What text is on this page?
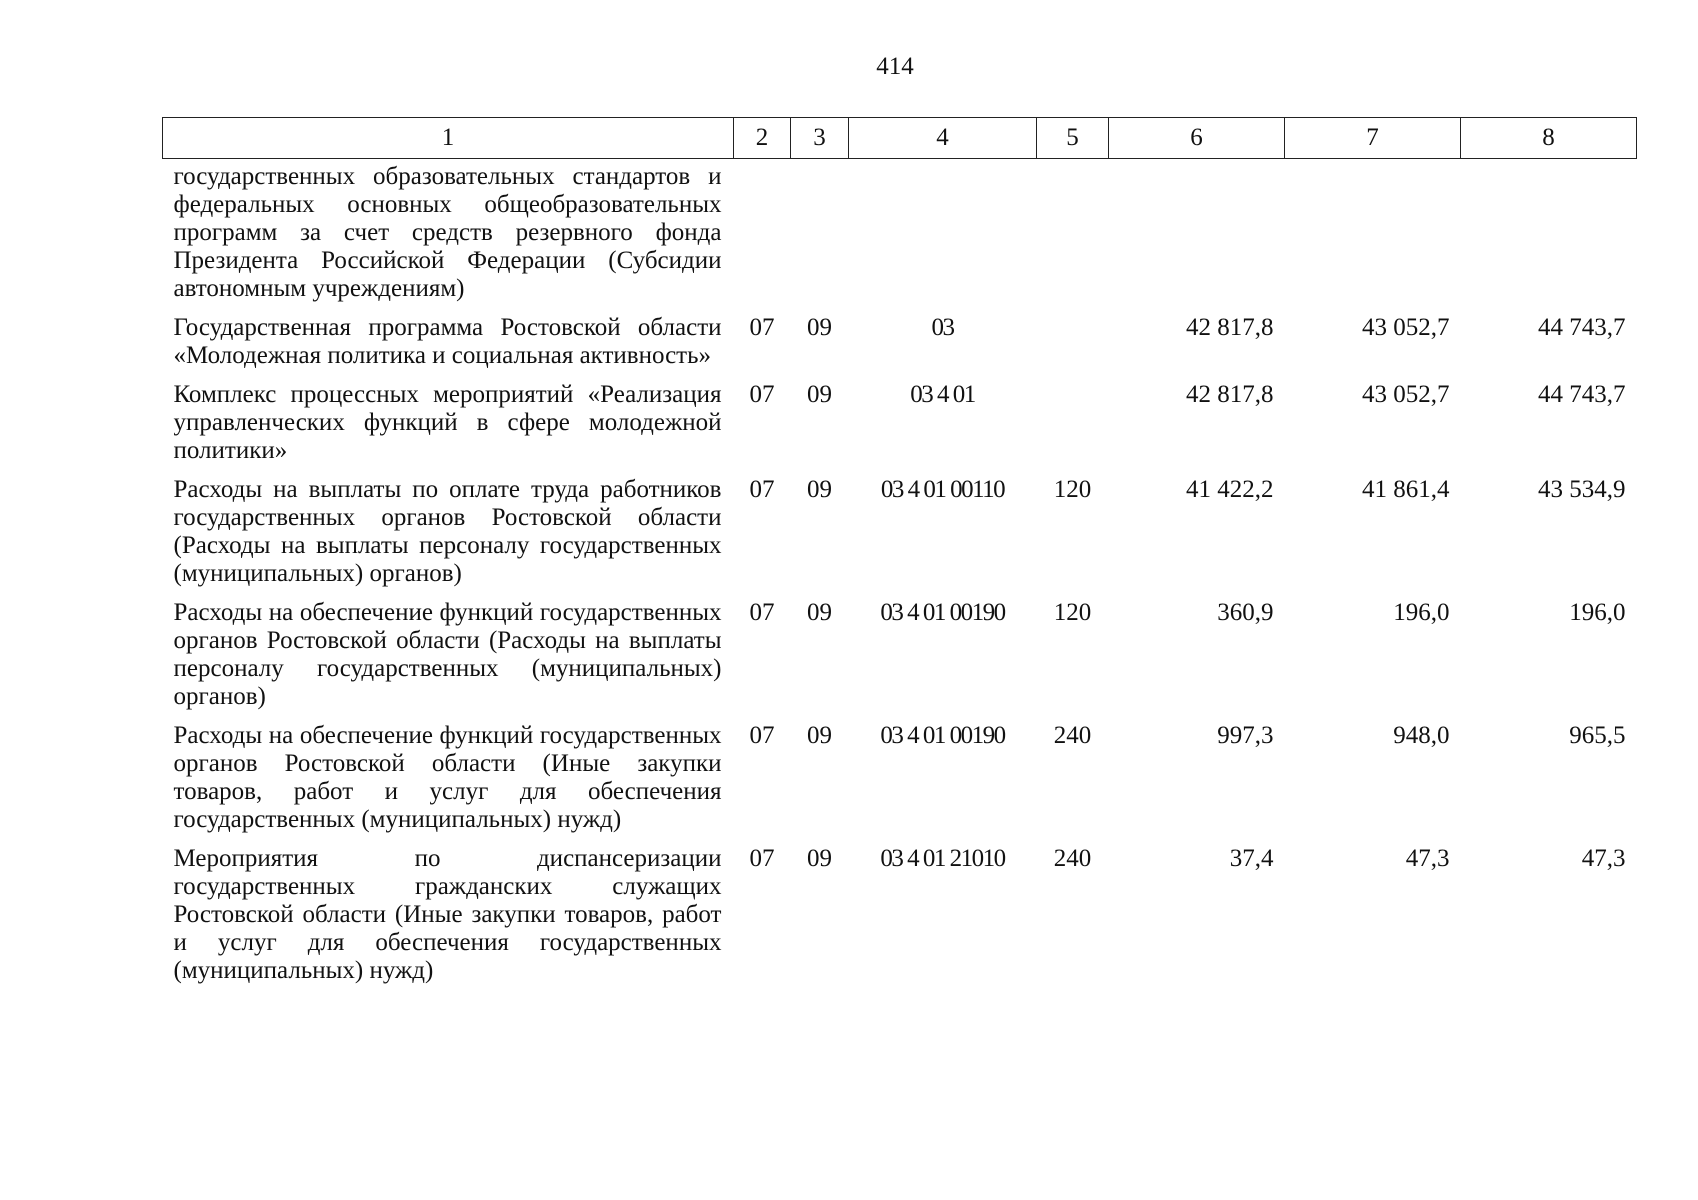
414
1	2	3	4	5	6	7	8
государственных образовательных стандартов и федеральных основных общеобразовательных программ за счет средств резервного фонда Президента Российской Федерации (Субсидии автономным учреждениям)							
Государственная программа Ростовской области «Молодежная политика и социальная активность»	07	09	03		42 817,8	43 052,7	44 743,7
Комплекс процессных мероприятий «Реализация управленческих функций в сфере молодежной политики»	07	09	03 4 01		42 817,8	43 052,7	44 743,7
Расходы на выплаты по оплате труда работников государственных органов Ростовской области (Расходы на выплаты персоналу государственных (муниципальных) органов)	07	09	03 4 01 00110	120	41 422,2	41 861,4	43 534,9
Расходы на обеспечение функций государственных органов Ростовской области (Расходы на выплаты персоналу государственных (муниципальных) органов)	07	09	03 4 01 00190	120	360,9	196,0	196,0
Расходы на обеспечение функций государственных органов Ростовской области (Иные закупки товаров, работ и услуг для обеспечения государственных (муниципальных) нужд)	07	09	03 4 01 00190	240	997,3	948,0	965,5
Мероприятия по диспансеризации государственных гражданских служащих Ростовской области (Иные закупки товаров, работ и услуг для обеспечения государственных (муниципальных) нужд)	07	09	03 4 01 21010	240	37,4	47,3	47,3
